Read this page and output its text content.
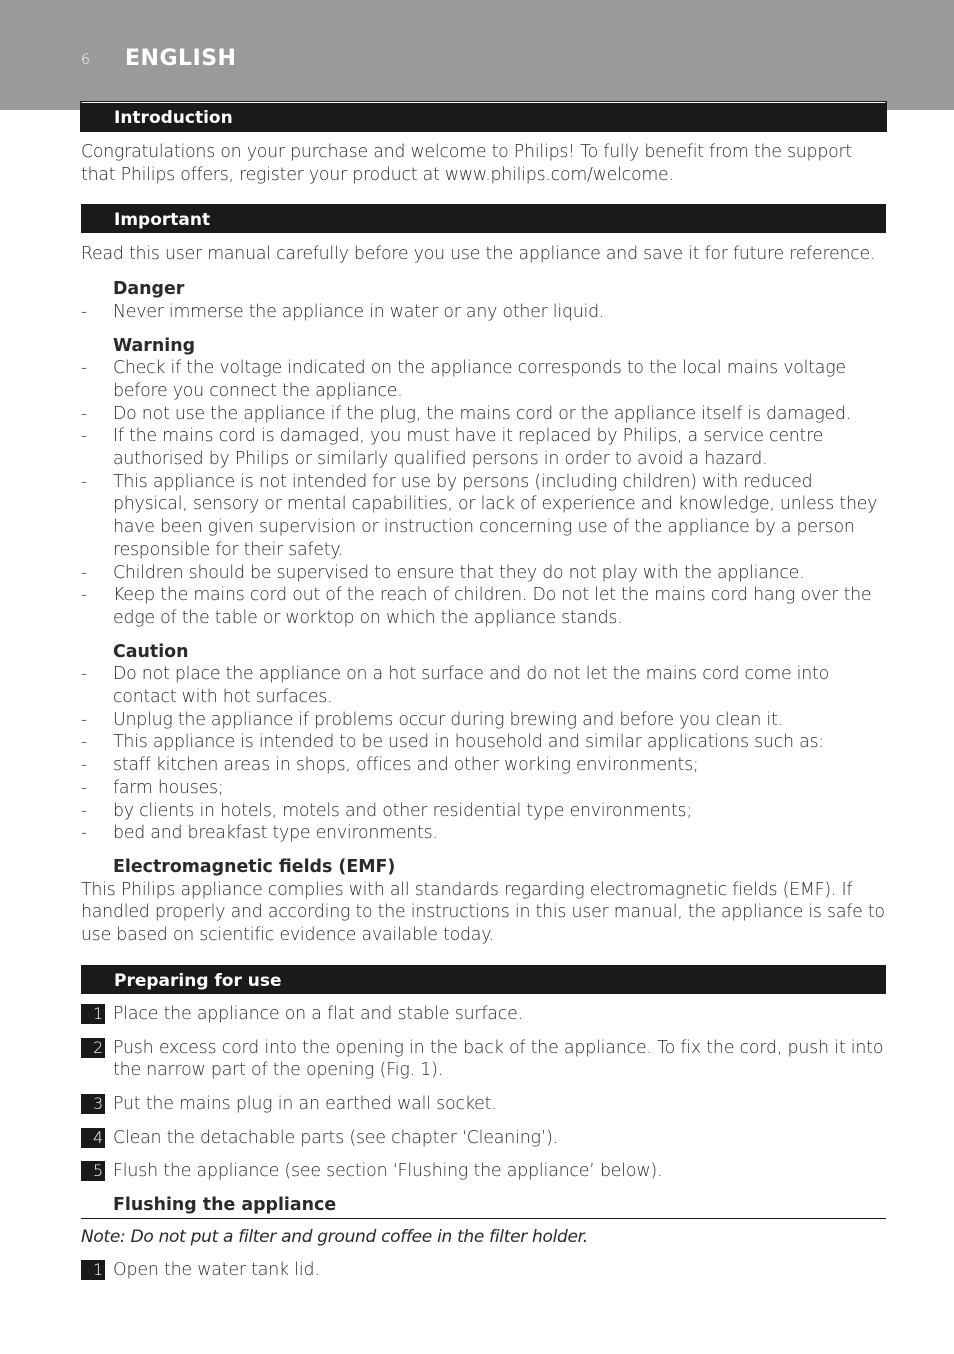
6 ENGLISH
Introduction

Congratulations on your purchase and welcome to Philips! To fully benefit from the support that Philips offers, register your product at www.philips.com/welcome.

Important

Read this user manual carefully before you use the appliance and save it for future reference.

Danger
- Never immerse the appliance in water or any other liquid.
Warning
- Check if the voltage indicated on the appliance corresponds to the local mains voltage before you connect the appliance.
- Do not use the appliance if the plug, the mains cord or the appliance itself is damaged.
- If the mains cord is damaged, you must have it replaced by Philips, a service centre authorised by Philips or similarly qualified persons in order to avoid a hazard.
- This appliance is not intended for use by persons (including children) with reduced physical, sensory or mental capabilities, or lack of experience and knowledge, unless they have been given supervision or instruction concerning use of the appliance by a person responsible for their safety.
- Children should be supervised to ensure that they do not play with the appliance.
- Keep the mains cord out of the reach of children. Do not let the mains cord hang over the edge of the table or worktop on which the appliance stands.
Caution
- Do not place the appliance on a hot surface and do not let the mains cord come into contact with hot surfaces.
- Unplug the appliance if problems occur during brewing and before you clean it.
- This appliance is intended to be used in household and similar applications such as:
- staff kitchen areas in shops, offices and other working environments;
- farm houses;
- by clients in hotels, motels and other residential type environments;
- bed and breakfast type environments.
Electromagnetic fields (EMF)

This Philips appliance complies with all standards regarding electromagnetic fields (EMF). If handled properly and according to the instructions in this user manual, the appliance is safe to use based on scientific evidence available today.

Preparing for use
1 Place the appliance on a flat and stable surface.
2 Push excess cord into the opening in the back of the appliance. To fix the cord, push it into the narrow part of the opening (Fig. 1).
3 Put the mains plug in an earthed wall socket.
4 Clean the detachable parts (see chapter ‘Cleaning’).
5 Flush the appliance (see section ‘Flushing the appliance’ below).
Flushing the appliance
Note: Do not put a filter and ground coffee in the filter holder.
1 Open the water tank lid.
